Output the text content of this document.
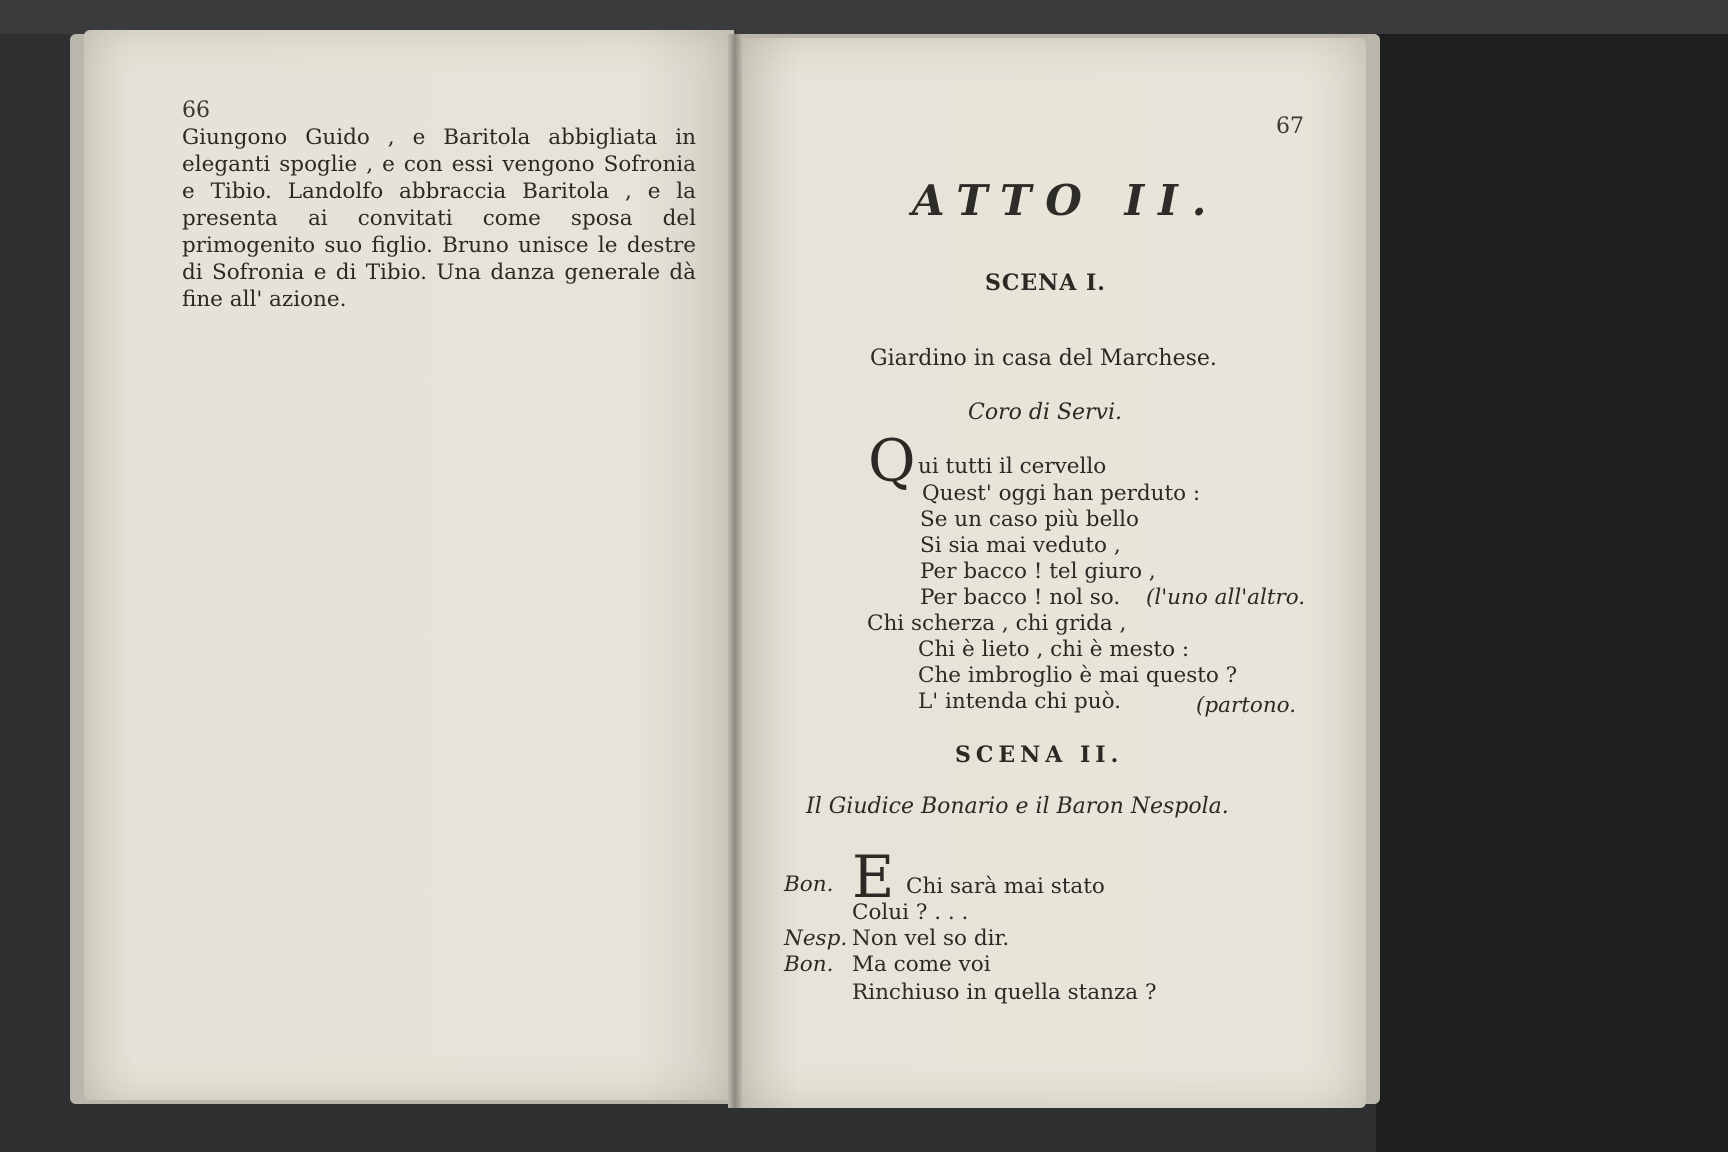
66

Giungono Guido , e Baritola abbigliata in eleganti spoglie , e con essi vengono Sofronia e Tibio. Landolfo abbraccia Baritola , e la presenta ai convitati come sposa del primogenito suo figlio. Bruno unisce le destre di Sofronia e di Tibio. Una danza generale dà fine all' azione.

67
ATTO II.
SCENA I.
Giardino in casa del Marchese.
Coro di Servi.
Q ui tutti il cervello
Quest' oggi han perduto :
Se un caso più bello
Si sia mai veduto ,
Per bacco ! tel giuro ,
Per bacco ! nol so. (l'uno all'altro.
Chi scherza , chi grida ,
Chi è lieto , chi è mesto :
Che imbroglio è mai questo ?
L' intenda chi può.	(partono.
SCENA II.
Il Giudice Bonario e il Baron Nespola.
Bon. E Chi sarà mai stato
Colui ? . . .
Nesp. Non vel so dir.
Bon. Ma come voi
Rinchiuso in quella stanza ?
